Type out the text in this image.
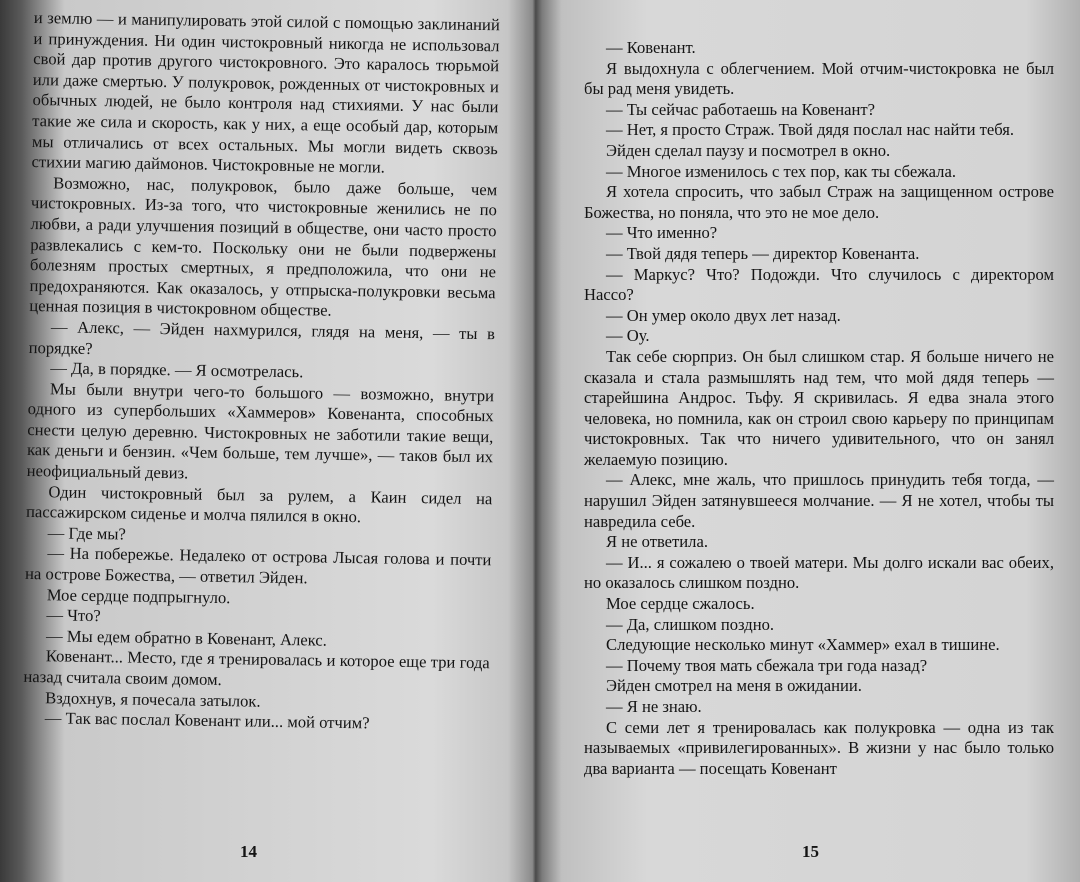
и землю — и манипулировать этой силой с помощью заклинаний и принуждения. Ни один чистокровный никогда не использовал свой дар против другого чистокровного. Это каралось тюрьмой или даже смертью. У полукровок, рожденных от чистокровных и обычных людей, не было контроля над стихиями. У нас были такие же сила и скорость, как у них, а еще особый дар, которым мы отличались от всех остальных. Мы могли видеть сквозь стихии магию даймонов. Чистокровные не могли.

Возможно, нас, полукровок, было даже больше, чем чистокровных. Из-за того, что чистокровные женились не по любви, а ради улучшения позиций в обществе, они часто просто развлекались с кем-то. Поскольку они не были подвержены болезням простых смертных, я предположила, что они не предохраняются. Как оказалось, у отпрыска-полукровки весьма ценная позиция в чистокровном обществе.

— Алекс, — Эйден нахмурился, глядя на меня, — ты в порядке?

— Да, в порядке. — Я осмотрелась.

Мы были внутри чего-то большого — возможно, внутри одного из супербольших «Хаммеров» Ковенанта, способных снести целую деревню. Чистокровных не заботили такие вещи, как деньги и бензин. «Чем больше, тем лучше», — таков был их неофициальный девиз.

Один чистокровный был за рулем, а Каин сидел на пассажирском сиденье и молча пялился в окно.

— Где мы?

— На побережье. Недалеко от острова Лысая голова и почти на острове Божества, — ответил Эйден.

Мое сердце подпрыгнуло.

— Что?

— Мы едем обратно в Ковенант, Алекс.

Ковенант... Место, где я тренировалась и которое еще три года назад считала своим домом.

Вздохнув, я почесала затылок.

— Так вас послал Ковенант или... мой отчим?

14

— Ковенант.

Я выдохнула с облегчением. Мой отчим-чистокровка не был бы рад меня увидеть.

— Ты сейчас работаешь на Ковенант?

— Нет, я просто Страж. Твой дядя послал нас найти тебя.

Эйден сделал паузу и посмотрел в окно.

— Многое изменилось с тех пор, как ты сбежала.

Я хотела спросить, что забыл Страж на защищенном острове Божества, но поняла, что это не мое дело.

— Что именно?

— Твой дядя теперь — директор Ковенанта.

— Маркус? Что? Подожди. Что случилось с директором Нассо?

— Он умер около двух лет назад.

— Оу.

Так себе сюрприз. Он был слишком стар. Я больше ничего не сказала и стала размышлять над тем, что мой дядя теперь — старейшина Андрос. Тьфу. Я скривилась. Я едва знала этого человека, но помнила, как он строил свою карьеру по принципам чистокровных. Так что ничего удивительного, что он занял желаемую позицию.

— Алекс, мне жаль, что пришлось принудить тебя тогда, — нарушил Эйден затянувшееся молчание. — Я не хотел, чтобы ты навредила себе.

Я не ответила.

— И... я сожалею о твоей матери. Мы долго искали вас обеих, но оказалось слишком поздно.

Мое сердце сжалось.

— Да, слишком поздно.

Следующие несколько минут «Хаммер» ехал в тишине.

— Почему твоя мать сбежала три года назад?

Эйден смотрел на меня в ожидании.

— Я не знаю.

С семи лет я тренировалась как полукровка — одна из так называемых «привилегированных». В жизни у нас было только два варианта — посещать Ковенант

15
